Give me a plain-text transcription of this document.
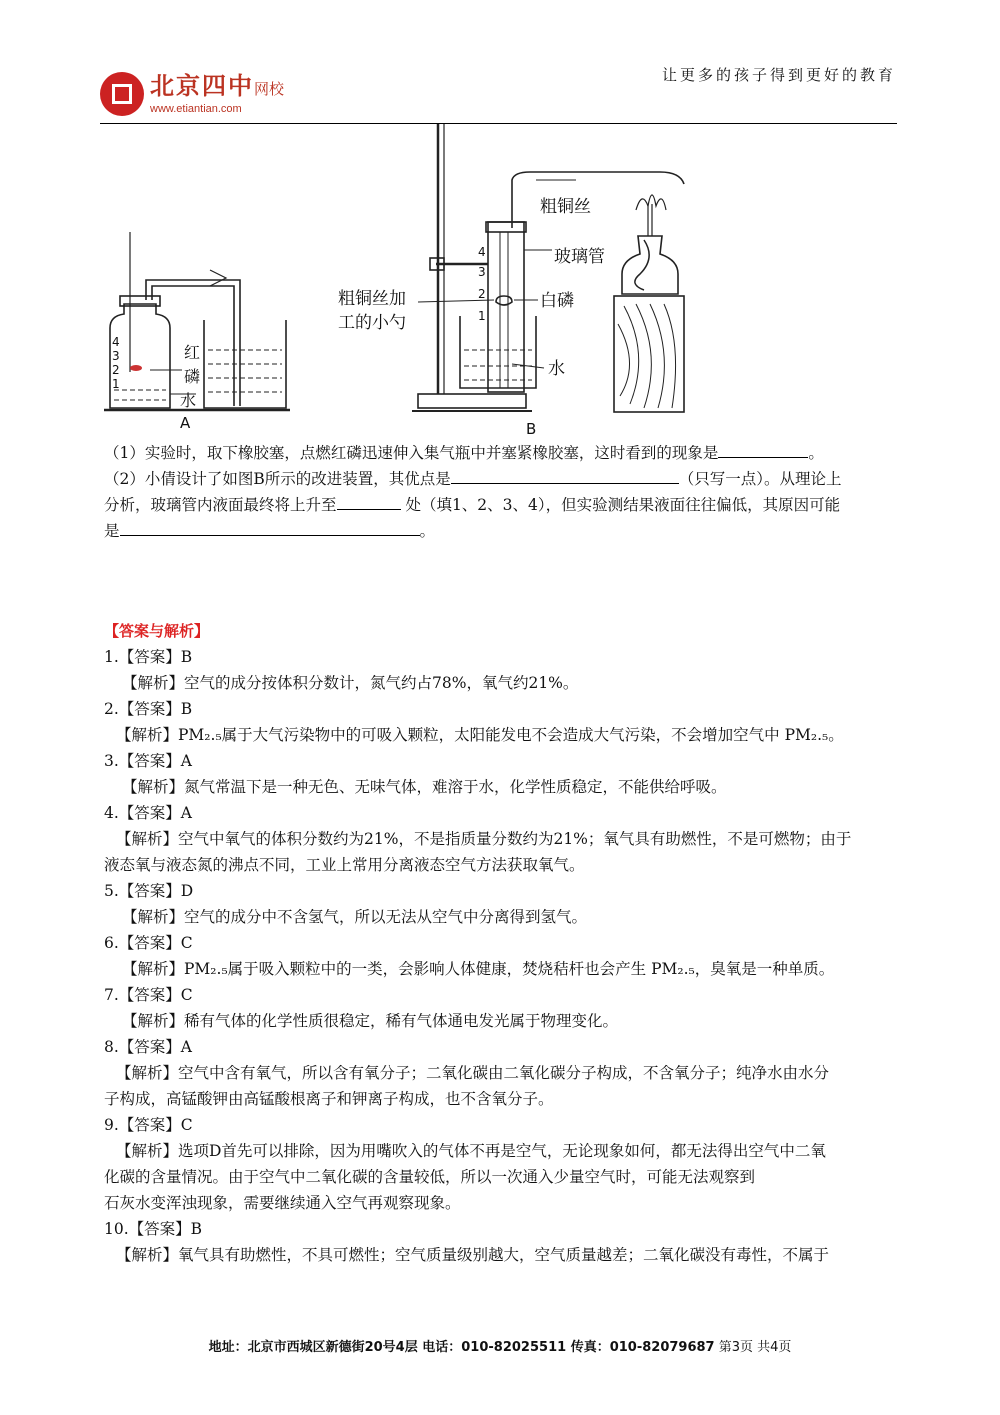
北京四中网校
www.etiantian.com
让更多的孩子得到更好的教育
红
磷
水
A
4
3
2
1
粗铜丝
玻璃管
粗铜丝加
工的小勺
白磷
水
B
4
3
2
1

（1）实验时，取下橡胶塞，点燃红磷迅速伸入集气瓶中并塞紧橡胶塞，这时看到的现象是	。

（2）小倩设计了如图B所示的改进装置，其优点是	（只写一点）。从理论上

分析，玻璃管内液面最终将上升至	处（填1、2、3、4），但实验测结果液面往往偏低，其原因可能

是	。

【答案与解析】

1.【答案】B

【解析】空气的成分按体积分数计，氮气约占78%，氧气约21%。

2.【答案】B

【解析】PM₂.₅属于大气污染物中的可吸入颗粒，太阳能发电不会造成大气污染，不会增加空气中 PM₂.₅。

3.【答案】A

【解析】氮气常温下是一种无色、无味气体，难溶于水，化学性质稳定，不能供给呼吸。

4.【答案】A

【解析】空气中氧气的体积分数约为21%，不是指质量分数约为21%；氧气具有助燃性，不是可燃物；由于

液态氧与液态氮的沸点不同，工业上常用分离液态空气方法获取氧气。

5.【答案】D

【解析】空气的成分中不含氢气，所以无法从空气中分离得到氢气。

6.【答案】C

【解析】PM₂.₅属于吸入颗粒中的一类，会影响人体健康，焚烧秸杆也会产生 PM₂.₅，臭氧是一种单质。

7.【答案】C

【解析】稀有气体的化学性质很稳定，稀有气体通电发光属于物理变化。

8.【答案】A

【解析】空气中含有氧气，所以含有氧分子；二氧化碳由二氧化碳分子构成，不含氧分子；纯净水由水分

子构成，高锰酸钾由高锰酸根离子和钾离子构成，也不含氧分子。

9.【答案】C

【解析】选项D首先可以排除，因为用嘴吹入的气体不再是空气，无论现象如何，都无法得出空气中二氧

化碳的含量情况。由于空气中二氧化碳的含量较低，所以一次通入少量空气时，可能无法观察到

石灰水变浑浊现象，需要继续通入空气再观察现象。

10.【答案】B

【解析】氧气具有助燃性，不具可燃性；空气质量级别越大，空气质量越差；二氧化碳没有毒性，不属于

地址：北京市西城区新德街20号4层 电话：010-82025511 传真：010-82079687 第3页 共4页
